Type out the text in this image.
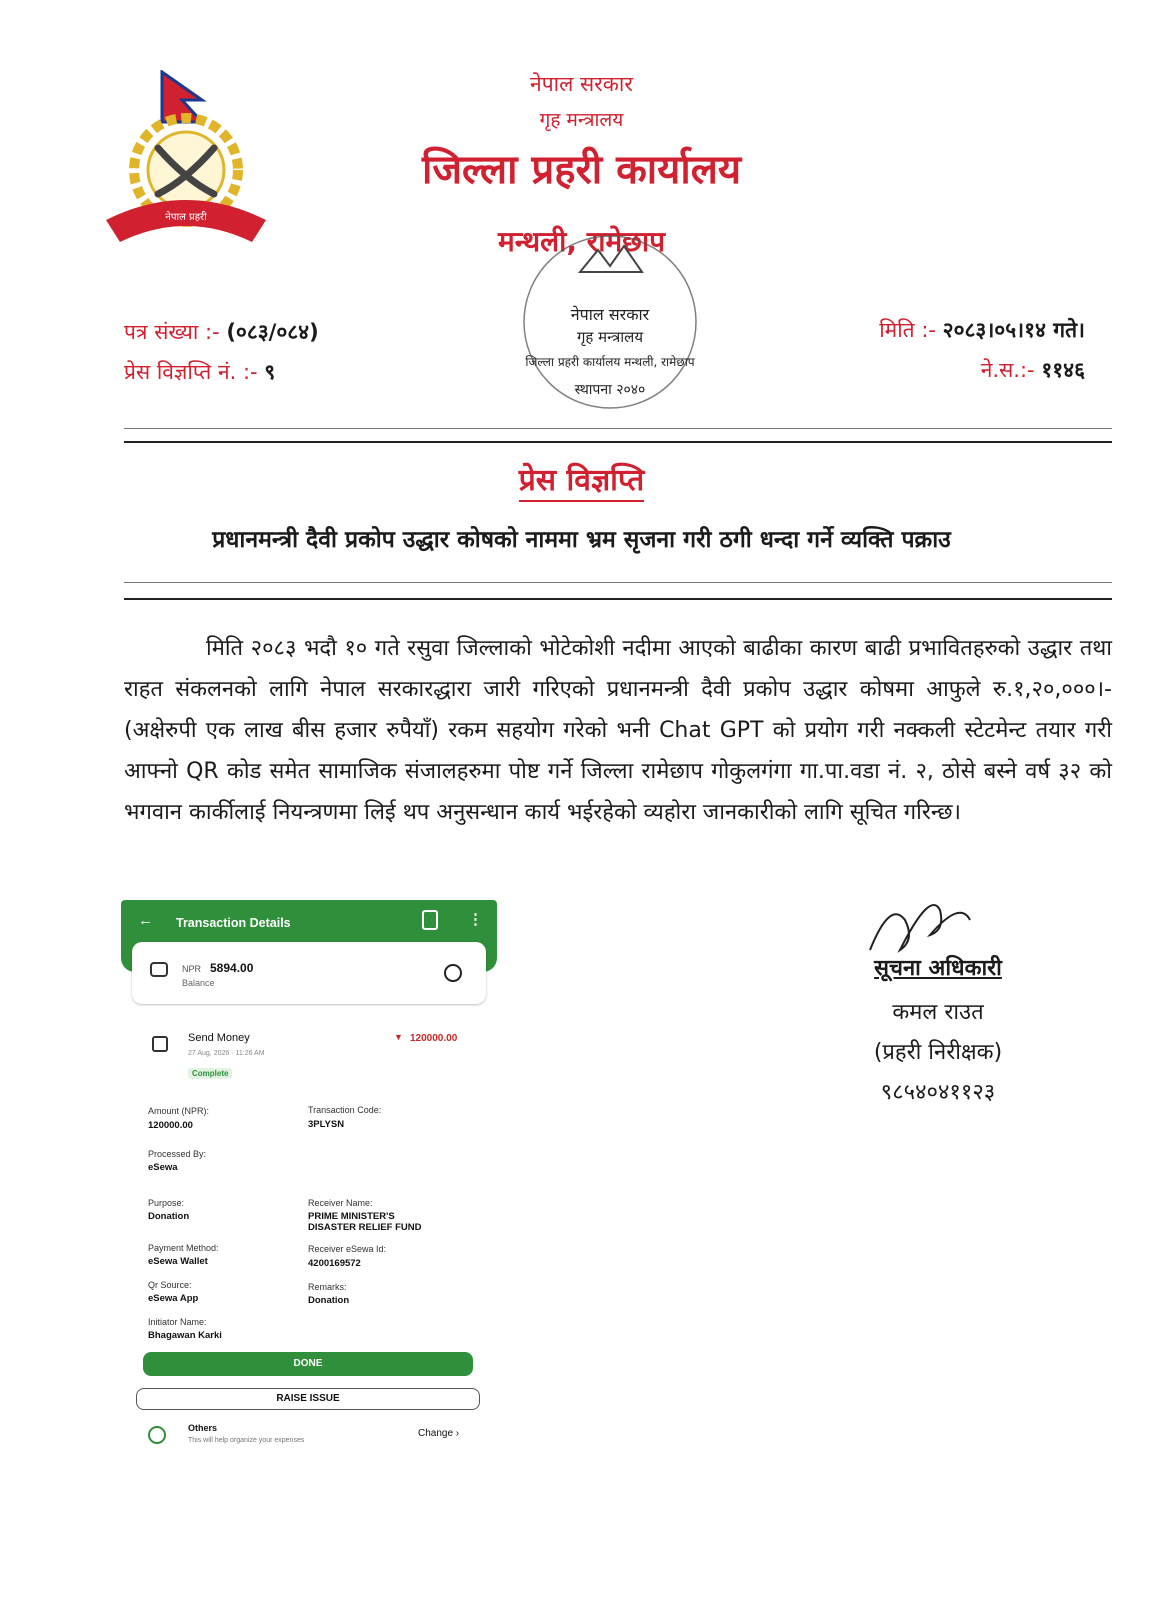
नेपाल प्रहरी
नेपाल सरकार
गृह मन्त्रालय
जिल्ला प्रहरी कार्यालय
मन्थली, रामेछाप
नेपाल सरकार
गृह मन्त्रालय
जिल्ला प्रहरी कार्यालय मन्थली, रामेछाप
स्थापना २०४०
पत्र संख्या :- (०८३/०८४)
प्रेस विज्ञप्ति नं. :- ९
मिति :- २०८३।०५।१४ गते।
ने.स.:- ११४६
प्रेस विज्ञप्ति
प्रधानमन्त्री दैवी प्रकोप उद्धार कोषको नाममा भ्रम सृजना गरी ठगी धन्दा गर्ने व्यक्ति पक्राउ
मिति २०८३ भदौ १० गते रसुवा जिल्लाको भोटेकोशी नदीमा आएको बाढीका कारण बाढी प्रभावितहरुको उद्धार तथा राहत संकलनको लागि नेपाल सरकारद्धारा जारी गरिएको प्रधानमन्त्री दैवी प्रकोप उद्धार कोषमा आफुले रु.१,२०,०००।- (अक्षेरुपी एक लाख बीस हजार रुपैयाँ) रकम सहयोग गरेको भनी Chat GPT को प्रयोग गरी नक्कली स्टेटमेन्ट तयार गरी आफ्नो QR कोड समेत सामाजिक संजालहरुमा पोष्ट गर्ने जिल्ला रामेछाप गोकुलगंगा गा.पा.वडा नं. २, ठोसे बस्ने वर्ष ३२ को भगवान कार्कीलाई नियन्त्रणमा लिई थप अनुसन्धान कार्य भईरहेको व्यहोरा जानकारीको लागि सूचित गरिन्छ।
सूचना अधिकारी
कमल राउत
(प्रहरी निरीक्षक)
९८५४०४११२३
← Transaction Details	⋮
NPR 5894.00
Balance
Send Money
27 Aug, 2026 · 11:26 AM
Complete
▼ 120000.00
Amount (NPR):
120000.00
Transaction Code:
3PLYSN
Processed By:
eSewa
Purpose:
Donation
Receiver Name:
PRIME MINISTER'S DISASTER RELIEF FUND
Payment Method:
eSewa Wallet
Receiver eSewa Id:
4200169572
Qr Source:
eSewa App
Remarks:
Donation
Initiator Name:
Bhagawan Karki
DONE
RAISE ISSUE
Others
This will help organize your expenses
Change ›
